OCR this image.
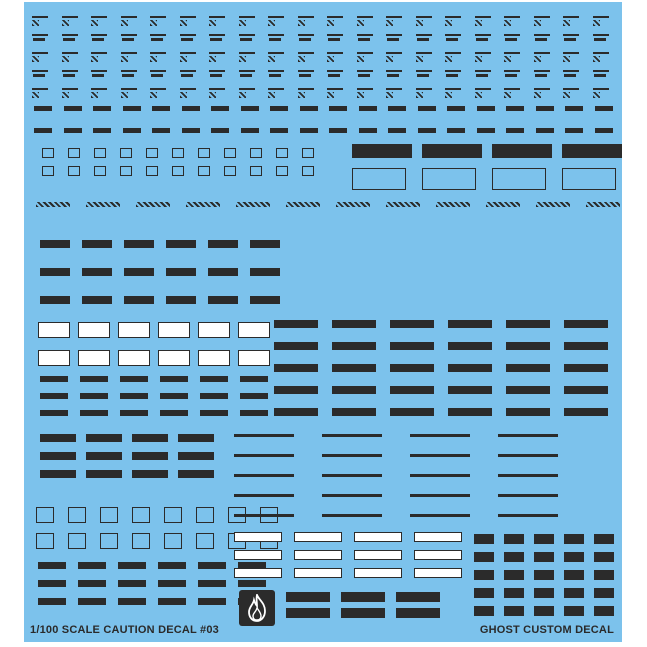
1/100 SCALE CAUTION DECAL #03	GHOST CUSTOM DECAL
